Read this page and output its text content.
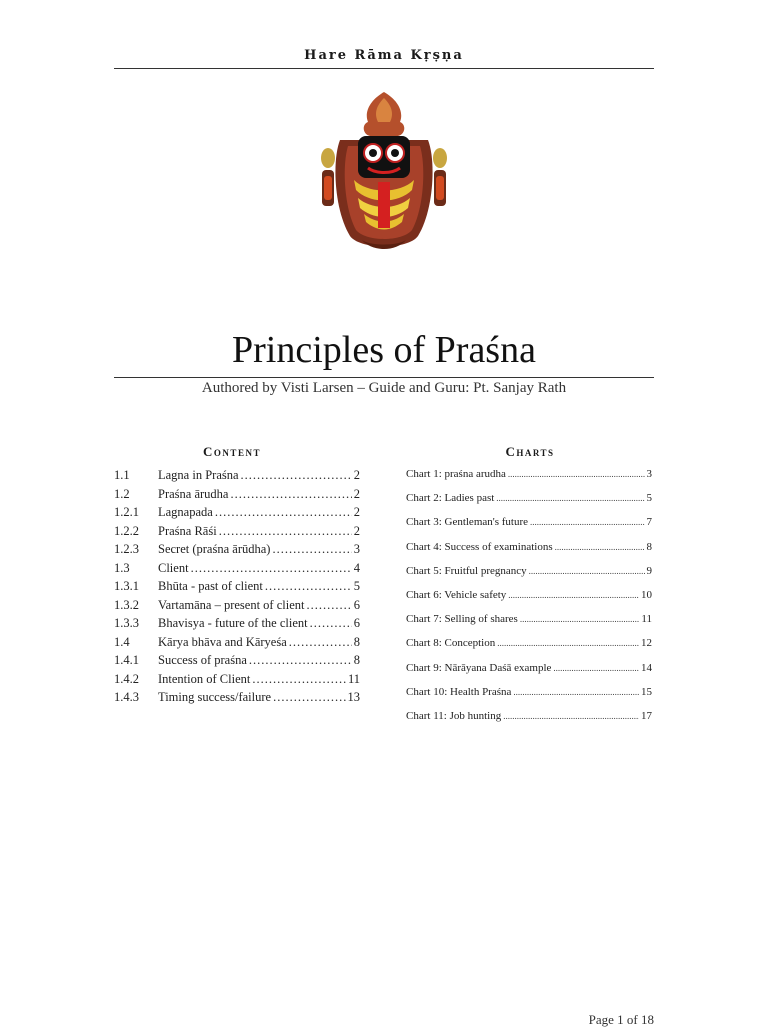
Hare Rāma Kṛṣṇa
Principles of Praśna
Authored by Visti Larsen – Guide and Guru: Pt. Sanjay Rath
Content	Charts
1.1	Lagna in Praśna .....	2
1.2	Praśna ārudha .....	2
1.2.1	Lagnapada .....	2
1.2.2	Praśna Rāśi .....	2
1.2.3	Secret (praśna ārūdha) .....	3
1.3	Client .....	4
1.3.1	Bhūta - past of client .....	5
1.3.2	Vartamāna – present of client .....	6
1.3.3	Bhavisya - future of the client .....	6
1.4	Kārya bhāva and Kāryeśa .....	8
1.4.1	Success of praśna .....	8
1.4.2	Intention of Client .....	11
1.4.3	Timing success/failure .....	13
Chart 1: praśna arudha .....	3
Chart 2: Ladies past .....	5
Chart 3: Gentleman's future .....	7
Chart 4: Success of examinations .....	8
Chart 5: Fruitful pregnancy .....	9
Chart 6: Vehicle safety .....	10
Chart 7: Selling of shares .....	11
Chart 8: Conception .....	12
Chart 9: Nārāyana Daśā example .....	14
Chart 10: Health Praśna .....	15
Chart 11: Job hunting .....	17
Page 1 of 18
